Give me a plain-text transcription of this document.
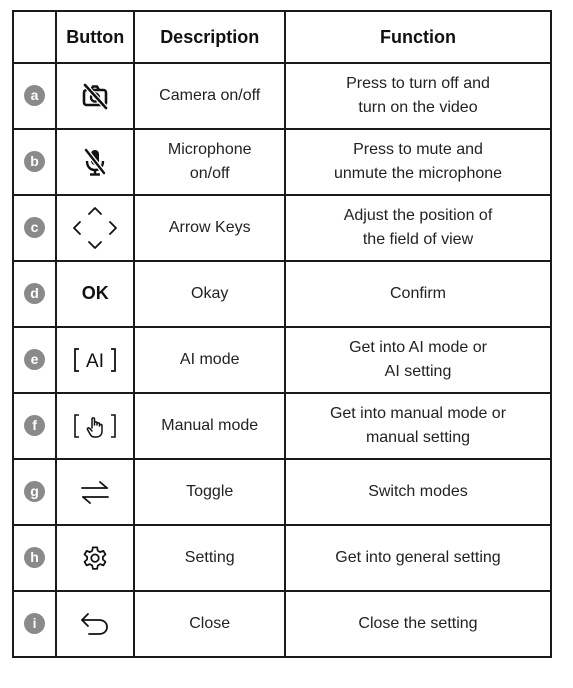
	Button	Description	Function
a		Camera on/off	Press to turn off and
turn on the video

b		Microphone
on/off	Press to mute and
unmute the microphone

c		Arrow Keys	Adjust the position of
the field of view

d	OK	Okay	Confirm

e	AI	AI mode	Get into AI mode or
AI setting

f		Manual mode	Get into manual mode or
manual setting

g		Toggle	Switch modes

h		Setting	Get into general setting

i		Close	Close the setting
